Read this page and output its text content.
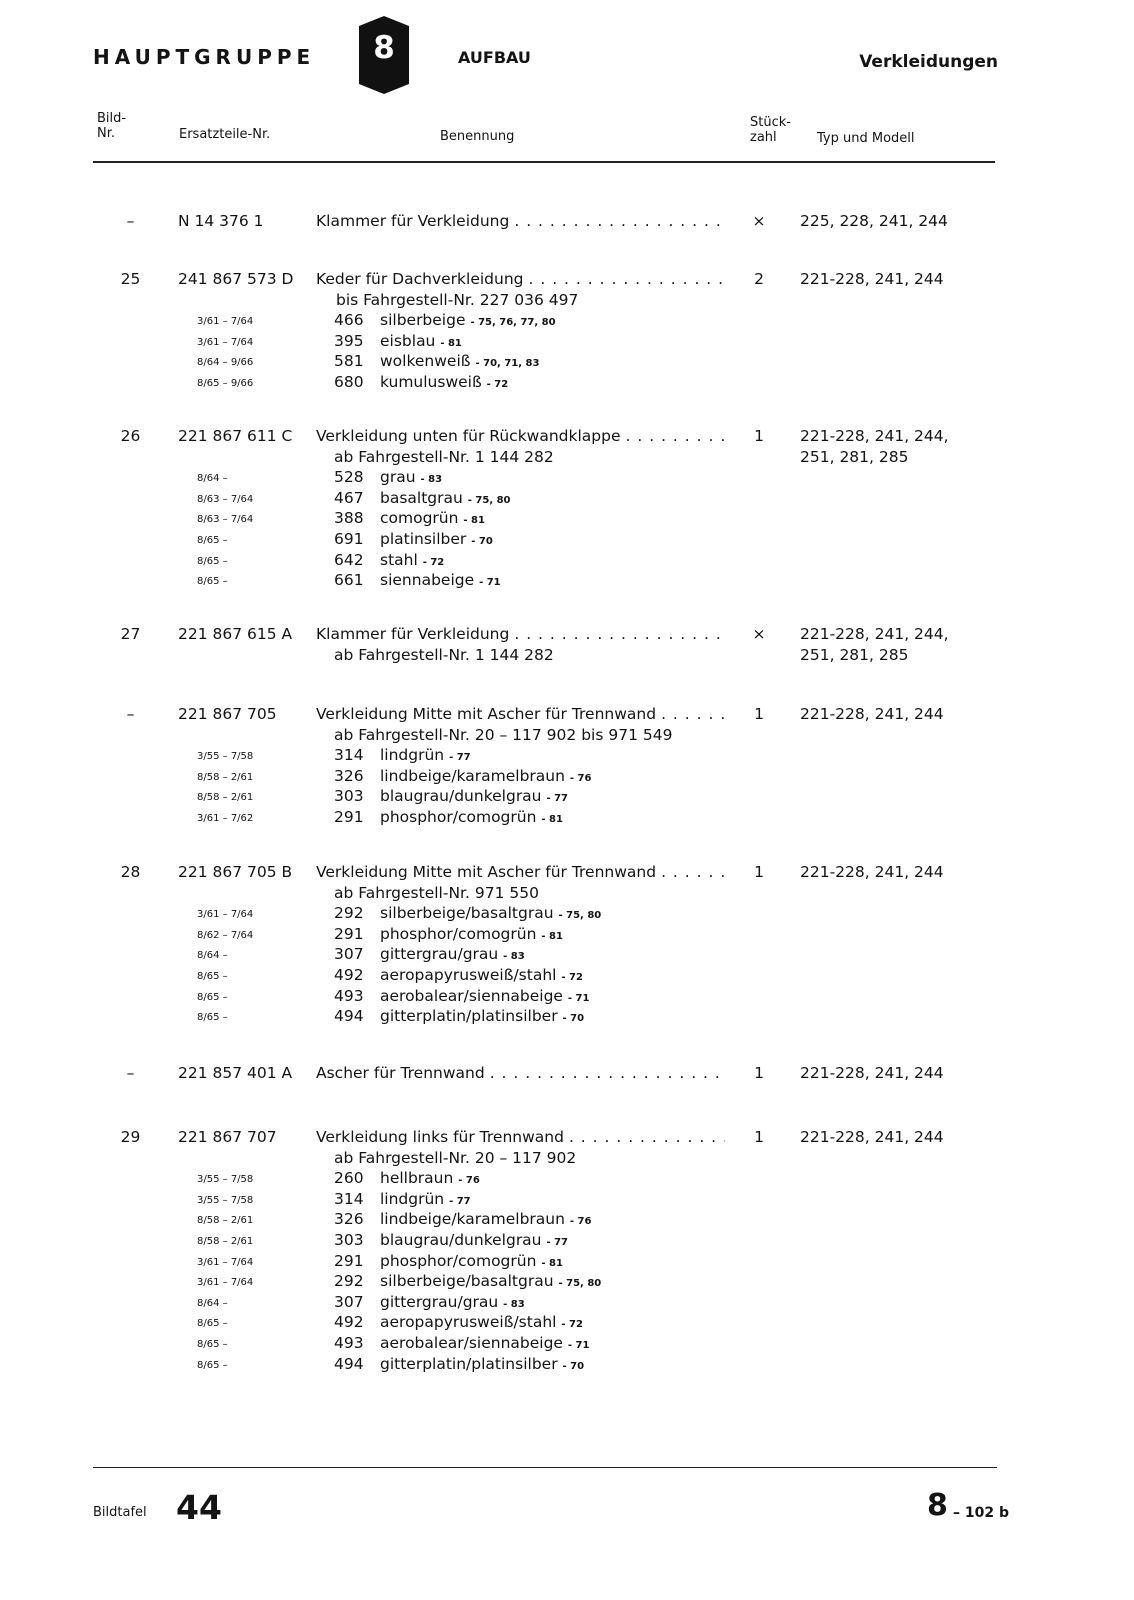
HAUPTGRUPPE	8	AUFBAU	Verkleidungen
Bild-
Nr.	Ersatzteile-Nr.	Benennung
Stück-
zahl	Typ und Modell
–	N 14 376 1	Klammer für Verkleidung . . .	× 225, 228, 241, 244
25	241 867 573 D Keder für Dachverkleidung . . .	2	221-228, 241, 244
bis Fahrgestell-Nr. 227 036 497
3/61 – 7/64	466 silberbeige - 75, 76, 77, 80
3/61 – 7/64	395 eisblau - 81
8/64 – 9/66	581 wolkenweiß - 70, 71, 83
8/65 – 9/66	680 kumulusweiß - 72
26	221 867 611 C Verkleidung unten für Rückwandklappe . . .	1	221-228, 241, 244,
ab Fahrgestell-Nr. 1 144 282	251, 281, 285
8/64 –	528 grau - 83
8/63 – 7/64	467 basaltgrau - 75, 80
8/63 – 7/64	388 comogrün - 81
8/65 –	691 platinsilber - 70
8/65 –	642 stahl - 72
8/65 –	661 siennabeige - 71
27	221 867 615 A Klammer für Verkleidung . . .	× 221-228, 241, 244,
ab Fahrgestell-Nr. 1 144 282	251, 281, 285
–	221 867 705	Verkleidung Mitte mit Ascher für Trennwand . . .	1	221-228, 241, 244
ab Fahrgestell-Nr. 20 – 117 902 bis 971 549
3/55 – 7/58	314 lindgrün - 77
8/58 – 2/61	326 lindbeige/karamelbraun - 76
8/58 – 2/61	303 blaugrau/dunkelgrau - 77
3/61 – 7/62	291 phosphor/comogrün - 81
28	221 867 705 B Verkleidung Mitte mit Ascher für Trennwand . . .	1	221-228, 241, 244
ab Fahrgestell-Nr. 971 550
3/61 – 7/64	292 silberbeige/basaltgrau - 75, 80
8/62 – 7/64	291 phosphor/comogrün - 81
8/64 –	307 gittergrau/grau - 83
8/65 –	492 aeropapyrusweiß/stahl - 72
8/65 –	493 aerobalear/siennabeige - 71
8/65 –	494 gitterplatin/platinsilber - 70
–	221 857 401 A Ascher für Trennwand . . .	1	221-228, 241, 244
29	221 867 707	Verkleidung links für Trennwand . . .	1	221-228, 241, 244
ab Fahrgestell-Nr. 20 – 117 902
3/55 – 7/58	260 hellbraun - 76
3/55 – 7/58	314 lindgrün - 77
8/58 – 2/61	326 lindbeige/karamelbraun - 76
8/58 – 2/61	303 blaugrau/dunkelgrau - 77
3/61 – 7/64	291 phosphor/comogrün - 81
3/61 – 7/64	292 silberbeige/basaltgrau - 75, 80
8/64 –	307 gittergrau/grau - 83
8/65 –	492 aeropapyrusweiß/stahl - 72
8/65 –	493 aerobalear/siennabeige - 71
8/65 –	494 gitterplatin/platinsilber - 70
Bildtafel 44	8 – 102 b
